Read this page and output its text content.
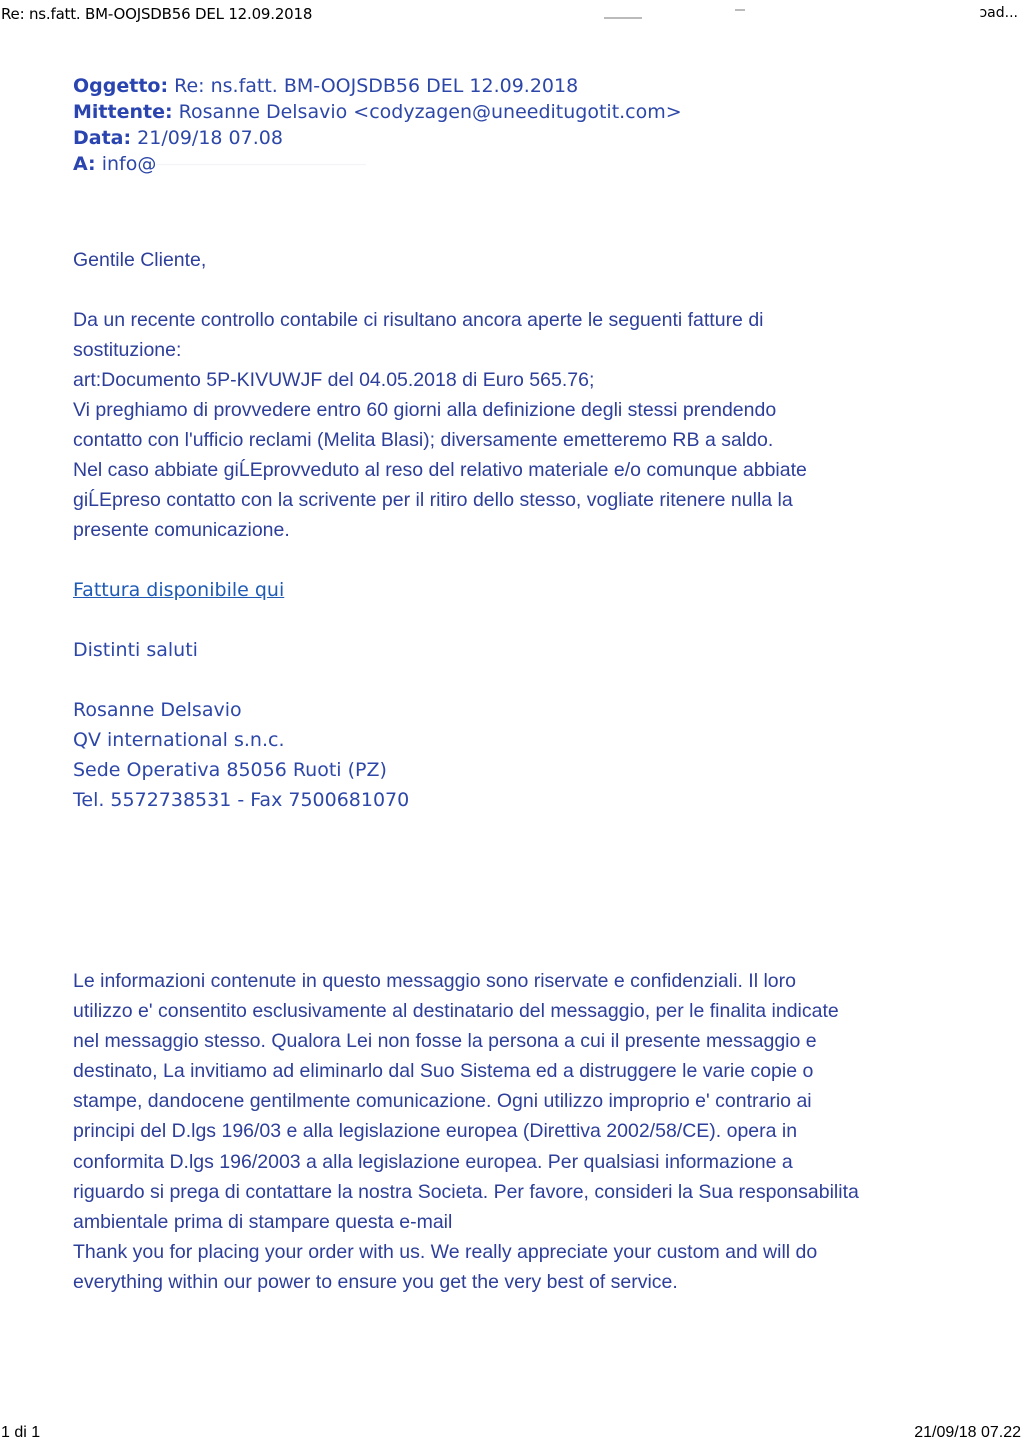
Re: ns.fatt. BM-OOJSDB56 DEL 12.09.2018	ɔad...
Oggetto: Re: ns.fatt. BM-OOJSDB56 DEL 12.09.2018
Mittente: Rosanne Delsavio <codyzagen@uneeditugotit.com>
Data: 21/09/18 07.08
A: info@

Gentile Cliente,

Da un recente controllo contabile ci risultano ancora aperte le seguenti fatture di

sostituzione:

art:Documento 5P-KIVUWJF del 04.05.2018 di Euro 565.76;

Vi preghiamo di provvedere entro 60 giorni alla definizione degli stessi prendendo

contatto con l'ufficio reclami (Melita Blasi); diversamente emetteremo RB a saldo.

Nel caso abbiate giĹEprovveduto al reso del relativo materiale e/o comunque abbiate

giĹEpreso contatto con la scrivente per il ritiro dello stesso, vogliate ritenere nulla la

presente comunicazione.

Fattura disponibile qui

Distinti saluti

Rosanne Delsavio

QV international s.n.c.

Sede Operativa 85056 Ruoti (PZ)

Tel. 5572738531 - Fax 7500681070

Le informazioni contenute in questo messaggio sono riservate e confidenziali. Il loro

utilizzo e' consentito esclusivamente al destinatario del messaggio, per le finalita indicate

nel messaggio stesso. Qualora Lei non fosse la persona a cui il presente messaggio e

destinato, La invitiamo ad eliminarlo dal Suo Sistema ed a distruggere le varie copie o

stampe, dandocene gentilmente comunicazione. Ogni utilizzo improprio e' contrario ai

principi del D.lgs 196/03 e alla legislazione europea (Direttiva 2002/58/CE). opera in

conformita D.lgs 196/2003 a alla legislazione europea. Per qualsiasi informazione a

riguardo si prega di contattare la nostra Societa. Per favore, consideri la Sua responsabilita

ambientale prima di stampare questa e-mail

Thank you for placing your order with us. We really appreciate your custom and will do

everything within our power to ensure you get the very best of service.

1 di 1	21/09/18 07.22
